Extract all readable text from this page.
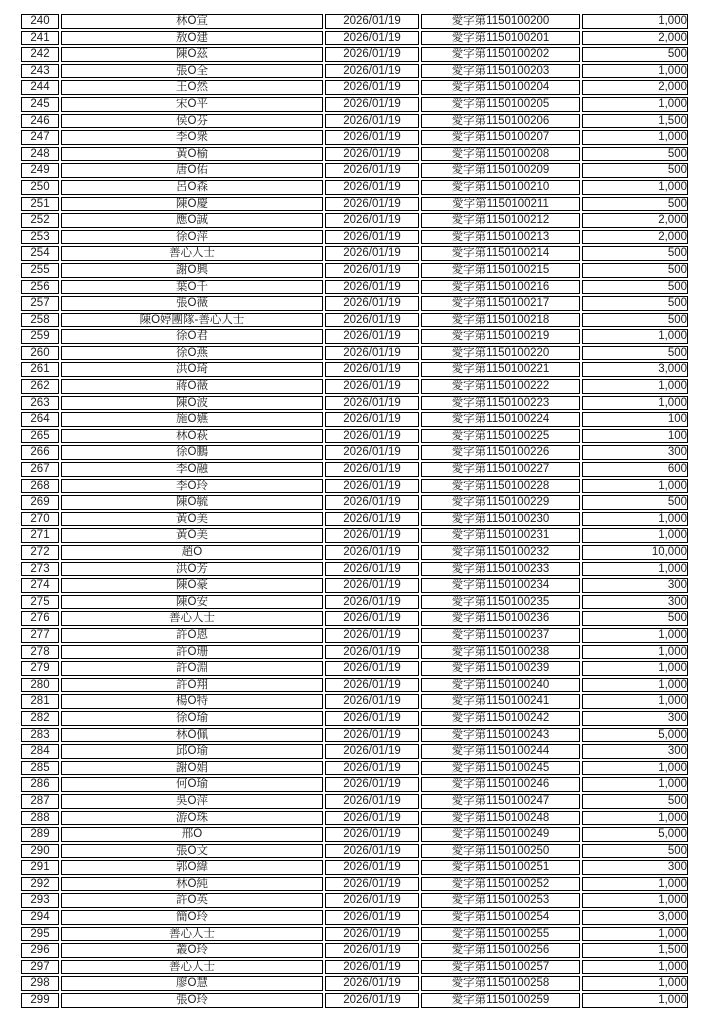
240	林O宣	2026/01/19	愛字第1150100200	1,000
241	敖O建	2026/01/19	愛字第1150100201	2,000
242	陳O茲	2026/01/19	愛字第1150100202	500
243	張O全	2026/01/19	愛字第1150100203	1,000
244	王O然	2026/01/19	愛字第1150100204	2,000
245	宋O平	2026/01/19	愛字第1150100205	1,000
246	侯O芬	2026/01/19	愛字第1150100206	1,500
247	李O衆	2026/01/19	愛字第1150100207	1,000
248	黃O榆	2026/01/19	愛字第1150100208	500
249	唐O佑	2026/01/19	愛字第1150100209	500
250	呂O森	2026/01/19	愛字第1150100210	1,000
251	陳O慶	2026/01/19	愛字第1150100211	500
252	應O誠	2026/01/19	愛字第1150100212	2,000
253	徐O萍	2026/01/19	愛字第1150100213	2,000
254	善心人士	2026/01/19	愛字第1150100214	500
255	謝O興	2026/01/19	愛字第1150100215	500
256	葉O千	2026/01/19	愛字第1150100216	500
257	張O薇	2026/01/19	愛字第1150100217	500
258	陳O婷團隊-善心人士	2026/01/19	愛字第1150100218	500
259	徐O君	2026/01/19	愛字第1150100219	1,000
260	徐O燕	2026/01/19	愛字第1150100220	500
261	洪O琦	2026/01/19	愛字第1150100221	3,000
262	蔣O薇	2026/01/19	愛字第1150100222	1,000
263	陳O波	2026/01/19	愛字第1150100223	1,000
264	施O嬿	2026/01/19	愛字第1150100224	100
265	林O萩	2026/01/19	愛字第1150100225	100
266	徐O鵬	2026/01/19	愛字第1150100226	300
267	李O融	2026/01/19	愛字第1150100227	600
268	李O玲	2026/01/19	愛字第1150100228	1,000
269	陳O毓	2026/01/19	愛字第1150100229	500
270	黃O美	2026/01/19	愛字第1150100230	1,000
271	黃O美	2026/01/19	愛字第1150100231	1,000
272	趙O	2026/01/19	愛字第1150100232	10,000
273	洪O芳	2026/01/19	愛字第1150100233	1,000
274	陳O豪	2026/01/19	愛字第1150100234	300
275	陳O安	2026/01/19	愛字第1150100235	300
276	善心人士	2026/01/19	愛字第1150100236	500
277	許O恩	2026/01/19	愛字第1150100237	1,000
278	許O珊	2026/01/19	愛字第1150100238	1,000
279	許O淵	2026/01/19	愛字第1150100239	1,000
280	許O翔	2026/01/19	愛字第1150100240	1,000
281	楊O特	2026/01/19	愛字第1150100241	1,000
282	徐O瑜	2026/01/19	愛字第1150100242	300
283	林O佩	2026/01/19	愛字第1150100243	5,000
284	邱O瑜	2026/01/19	愛字第1150100244	300
285	謝O娟	2026/01/19	愛字第1150100245	1,000
286	何O瑜	2026/01/19	愛字第1150100246	1,000
287	吳O萍	2026/01/19	愛字第1150100247	500
288	游O珠	2026/01/19	愛字第1150100248	1,000
289	邢O	2026/01/19	愛字第1150100249	5,000
290	張O文	2026/01/19	愛字第1150100250	500
291	郭O緯	2026/01/19	愛字第1150100251	300
292	林O純	2026/01/19	愛字第1150100252	1,000
293	許O英	2026/01/19	愛字第1150100253	1,000
294	簡O玲	2026/01/19	愛字第1150100254	3,000
295	善心人士	2026/01/19	愛字第1150100255	1,000
296	叢O玲	2026/01/19	愛字第1150100256	1,500
297	善心人士	2026/01/19	愛字第1150100257	1,000
298	廖O慧	2026/01/19	愛字第1150100258	1,000
299	張O玲	2026/01/19	愛字第1150100259	1,000
